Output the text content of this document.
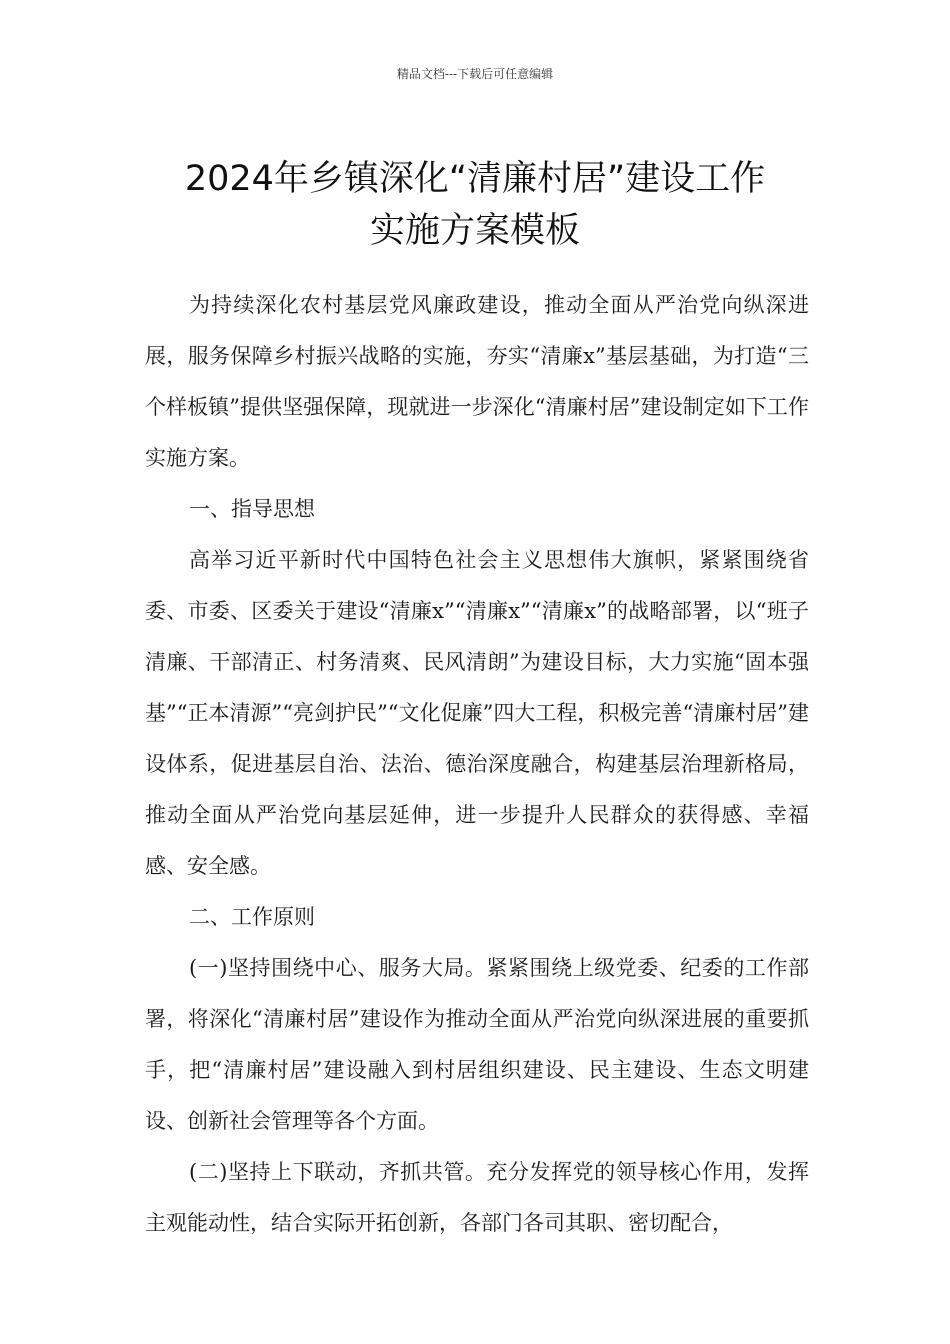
精品文档---下载后可任意编辑
2024年乡镇深化“清廉村居”建设工作
实施方案模板

为持续深化农村基层党风廉政建设，推动全面从严治党向纵深进展，服务保障乡村振兴战略的实施，夯实“清廉x”基层基础，为打造“三个样板镇”提供坚强保障，现就进一步深化“清廉村居”建设制定如下工作实施方案。

一、指导思想

高举习近平新时代中国特色社会主义思想伟大旗帜，紧紧围绕省委、市委、区委关于建设“清廉x”“清廉x”“清廉x”的战略部署，以“班子清廉、干部清正、村务清爽、民风清朗”为建设目标，大力实施“固本强基”“正本清源”“亮剑护民”“文化促廉”四大工程，积极完善“清廉村居”建设体系，促进基层自治、法治、德治深度融合，构建基层治理新格局，推动全面从严治党向基层延伸，进一步提升人民群众的获得感、幸福感、安全感。

二、工作原则

(一)坚持围绕中心、服务大局。紧紧围绕上级党委、纪委的工作部署，将深化“清廉村居”建设作为推动全面从严治党向纵深进展的重要抓手，把“清廉村居”建设融入到村居组织建设、民主建设、生态文明建设、创新社会管理等各个方面。

(二)坚持上下联动，齐抓共管。充分发挥党的领导核心作用，发挥主观能动性，结合实际开拓创新，各部门各司其职、密切配合，
